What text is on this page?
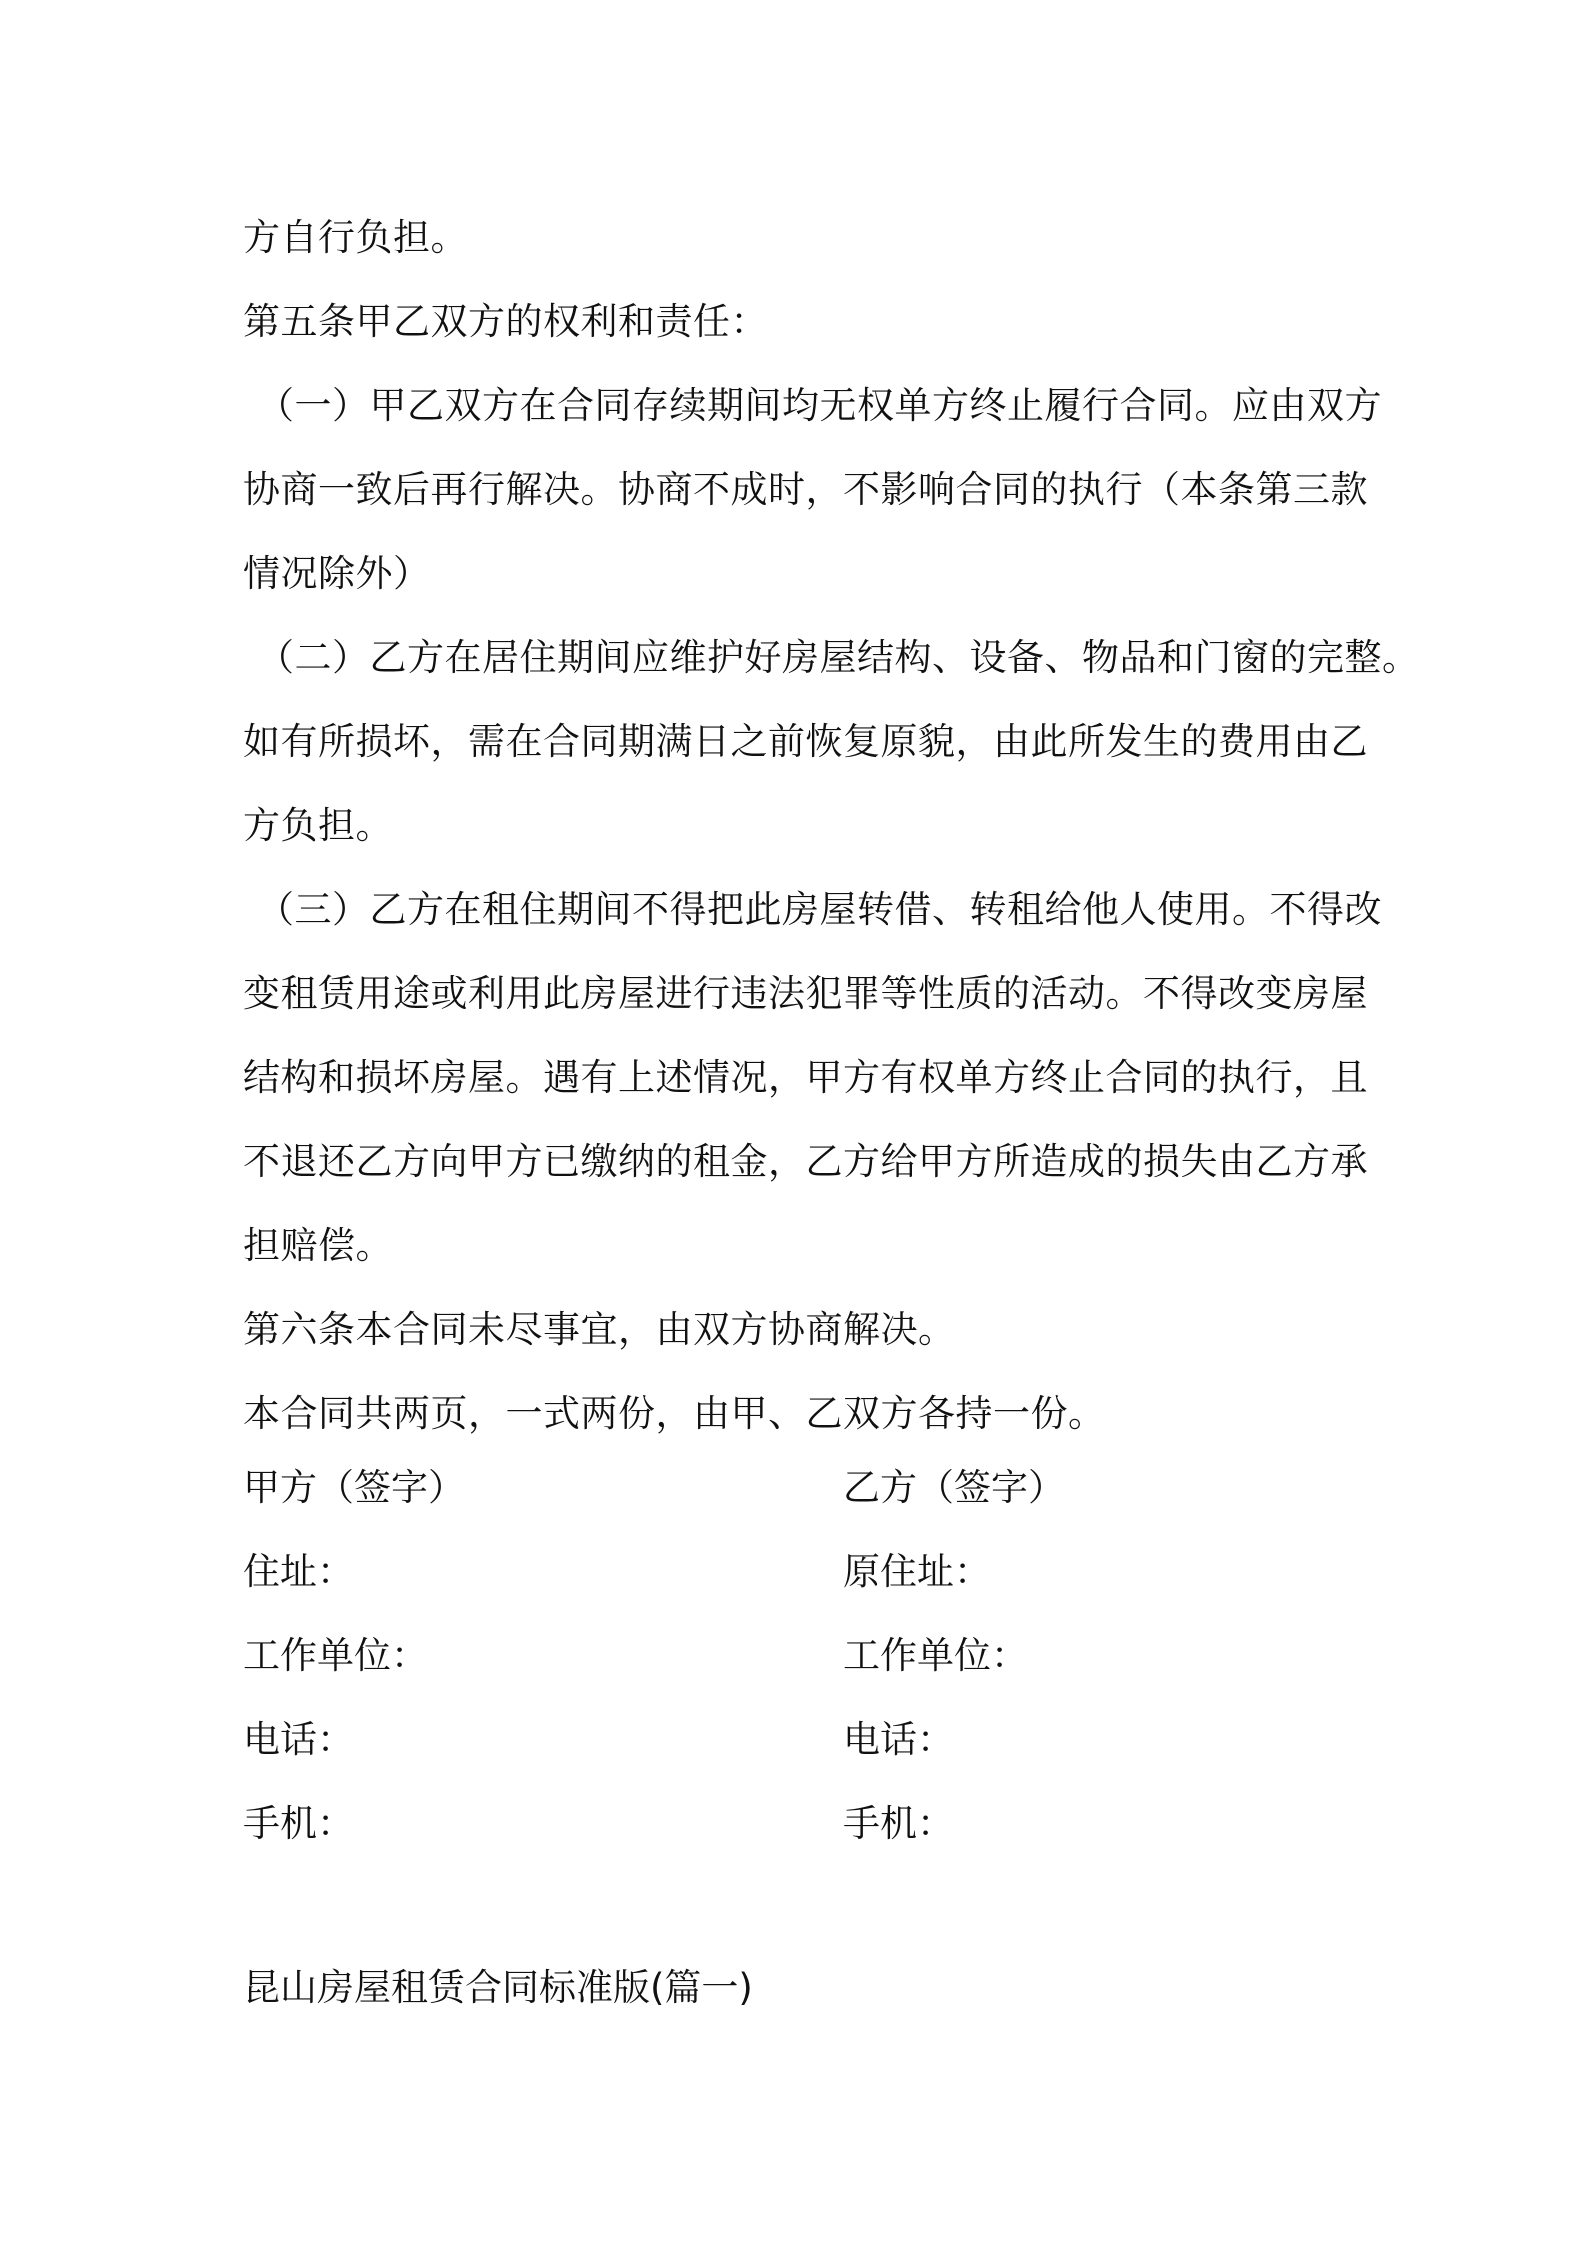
方自行负担。
第五条甲乙双方的权利和责任：
（一）甲乙双方在合同存续期间均无权单方终止履行合同。应由双方
协商一致后再行解决。协商不成时，不影响合同的执行（本条第三款
情况除外）
（二）乙方在居住期间应维护好房屋结构、设备、物品和门窗的完整。
如有所损坏，需在合同期满日之前恢复原貌，由此所发生的费用由乙
方负担。
（三）乙方在租住期间不得把此房屋转借、转租给他人使用。不得改
变租赁用途或利用此房屋进行违法犯罪等性质的活动。不得改变房屋
结构和损坏房屋。遇有上述情况，甲方有权单方终止合同的执行，且
不退还乙方向甲方已缴纳的租金，乙方给甲方所造成的损失由乙方承
担赔偿。
第六条本合同未尽事宜，由双方协商解决。
本合同共两页，一式两份，由甲、乙双方各持一份。
甲方（签字）	乙方（签字）
住址：	原住址：
工作单位：	工作单位：
电话：	电话：
手机：	手机：
昆山房屋租赁合同标准版(篇一)
